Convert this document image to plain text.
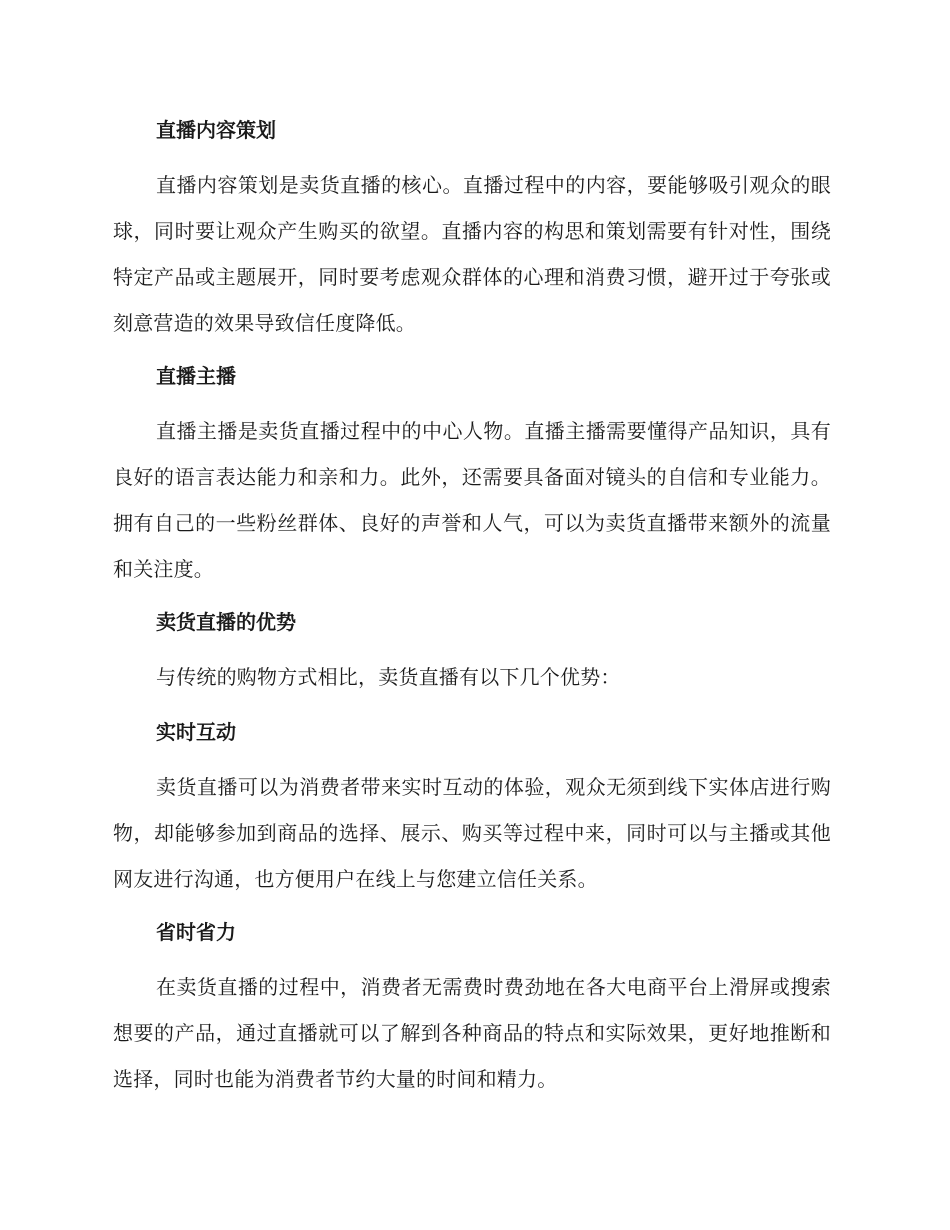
直播内容策划

直播内容策划是卖货直播的核心。直播过程中的内容，要能够吸引观众的眼球，同时要让观众产生购买的欲望。直播内容的构思和策划需要有针对性，围绕特定产品或主题展开，同时要考虑观众群体的心理和消费习惯，避开过于夸张或刻意营造的效果导致信任度降低。

直播主播

直播主播是卖货直播过程中的中心人物。直播主播需要懂得产品知识，具有良好的语言表达能力和亲和力。此外，还需要具备面对镜头的自信和专业能力。拥有自己的一些粉丝群体、良好的声誉和人气，可以为卖货直播带来额外的流量和关注度。

卖货直播的优势

与传统的购物方式相比，卖货直播有以下几个优势：

实时互动

卖货直播可以为消费者带来实时互动的体验，观众无须到线下实体店进行购物，却能够参加到商品的选择、展示、购买等过程中来，同时可以与主播或其他网友进行沟通，也方便用户在线上与您建立信任关系。

省时省力

在卖货直播的过程中，消费者无需费时费劲地在各大电商平台上滑屏或搜索想要的产品，通过直播就可以了解到各种商品的特点和实际效果，更好地推断和选择，同时也能为消费者节约大量的时间和精力。
